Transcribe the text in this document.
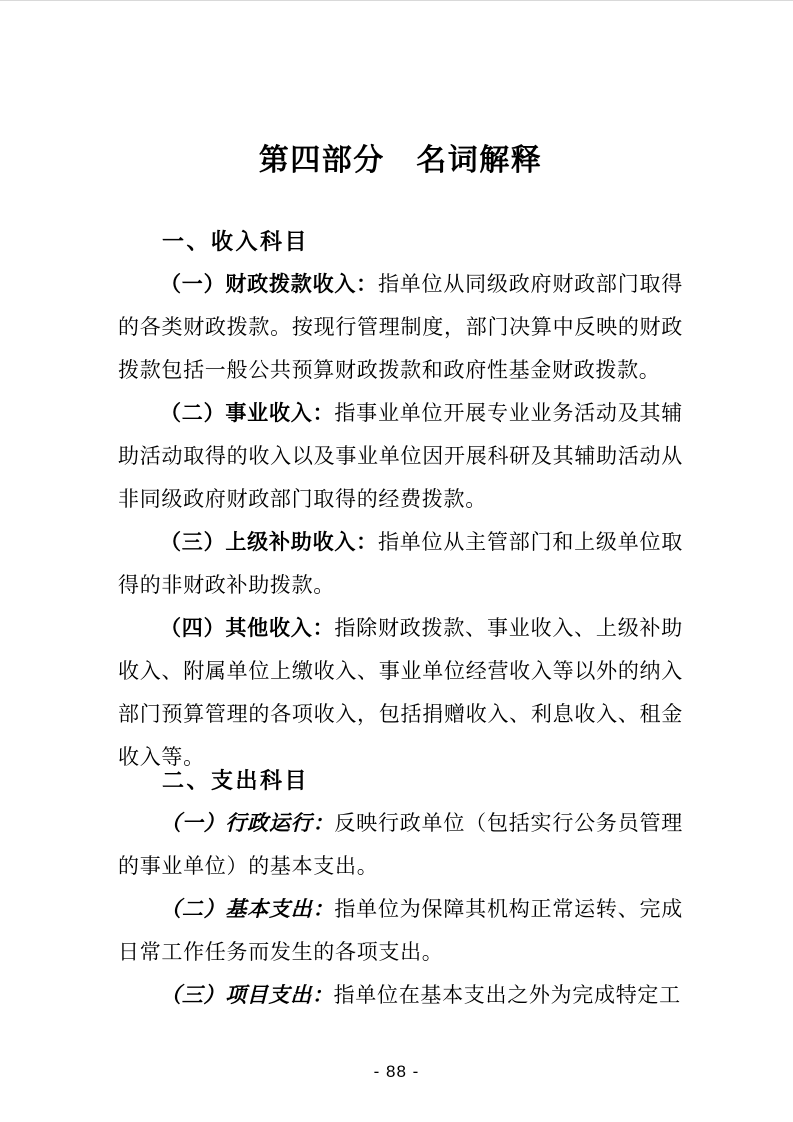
第四部分　名词解释
一、收入科目

（一）财政拨款收入：指单位从同级政府财政部门取得的各类财政拨款。按现行管理制度，部门决算中反映的财政拨款包括一般公共预算财政拨款和政府性基金财政拨款。

（二）事业收入：指事业单位开展专业业务活动及其辅助活动取得的收入以及事业单位因开展科研及其辅助活动从非同级政府财政部门取得的经费拨款。

（三）上级补助收入：指单位从主管部门和上级单位取得的非财政补助拨款。

（四）其他收入：指除财政拨款、事业收入、上级补助收入、附属单位上缴收入、事业单位经营收入等以外的纳入部门预算管理的各项收入，包括捐赠收入、利息收入、租金收入等。

二、支出科目

（一）行政运行：反映行政单位（包括实行公务员管理的事业单位）的基本支出。

（二）基本支出：指单位为保障其机构正常运转、完成日常工作任务而发生的各项支出。

（三）项目支出：指单位在基本支出之外为完成特定工

- 88 -
